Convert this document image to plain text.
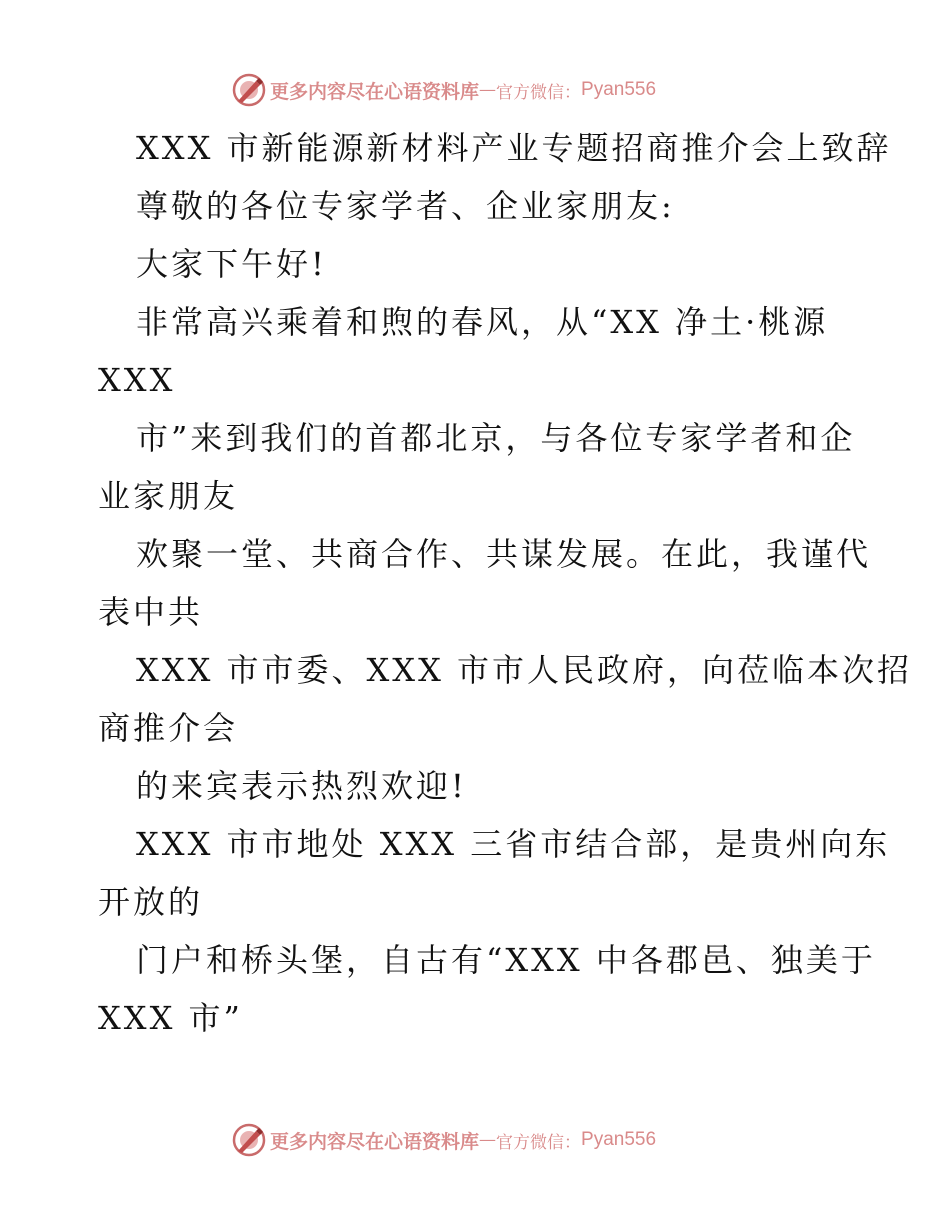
更多内容尽在心语资料库 — 官方微信： Pyan556
XXX 市新能源新材料产业专题招商推介会上致辞
尊敬的各位专家学者、企业家朋友:
大家下午好!
非常高兴乘着和煦的春风，从“XX 净土·桃源
XXX
市”来到我们的首都北京，与各位专家学者和企
业家朋友
欢聚一堂、共商合作、共谋发展。在此，我谨代
表中共
XXX 市市委、XXX 市市人民政府，向莅临本次招
商推介会
的来宾表示热烈欢迎!
XXX 市市地处 XXX 三省市结合部，是贵州向东
开放的
门户和桥头堡，自古有“XXX 中各郡邑、独美于
XXX 市”
更多内容尽在心语资料库 — 官方微信： Pyan556
